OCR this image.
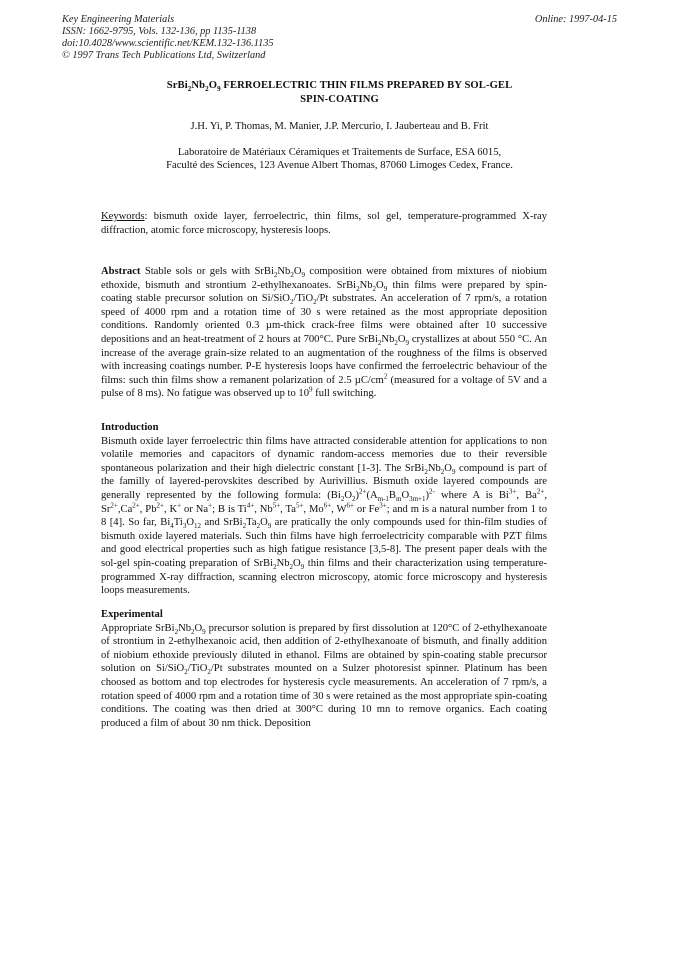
Key Engineering Materials
ISSN: 1662-9795, Vols. 132-136, pp 1135-1138
doi:10.4028/www.scientific.net/KEM.132-136.1135
© 1997 Trans Tech Publications Ltd, Switzerland
Online: 1997-04-15
$SrBi_2Nb_2O_9$ FERROELECTRIC THIN FILMS PREPARED BY SOL-GEL
SPIN-COATING
J.H. Yi, P. Thomas, M. Manier, J.P. Mercurio, I. Jauberteau and B. Frit
Laboratoire de Matériaux Céramiques et Traitements de Surface, ESA 6015,
Faculté des Sciences, 123 Avenue Albert Thomas, 87060 Limoges Cedex, France.
Keywords: bismuth oxide layer, ferroelectric, thin films, sol gel, temperature-programmed X-ray diffraction, atomic force microscopy, hysteresis loops.
Abstract Stable sols or gels with $SrBi_2Nb_2O_9$ composition were obtained from mixtures of niobium ethoxide, bismuth and strontium 2-ethylhexanoates. $SrBi_2Nb_2O_9$ thin films were prepared by spin-coating stable precursor solution on Si/SiO$_2$/TiO$_2$/Pt substrates. An acceleration of 7 rpm/s, a rotation speed of 4000 rpm and a rotation time of 30 s were retained as the most appropriate deposition conditions. Randomly oriented 0.3 µm-thick crack-free films were obtained after 10 successive depositions and an heat-treatment of 2 hours at 700°C. Pure $SrBi_2Nb_2O_9$ crystallizes at about 550 °C. An increase of the average grain-size related to an augmentation of the roughness of the films is observed with increasing coatings number. P-E hysteresis loops have confirmed the ferroelectric behaviour of the films: such thin films show a remanent polarization of 2.5 $\mu C/cm^2$ (measured for a voltage of 5V and a pulse of 8 ms). No fatigue was observed up to $10^9$ full switching.
Introduction
Bismuth oxide layer ferroelectric thin films have attracted considerable attention for applications to non volatile memories and capacitors of dynamic random-access memories due to their reversible spontaneous polarization and their high dielectric constant [1-3]. The $SrBi_2Nb_2O_9$ compound is part of the familly of layered-perovskites described by Aurivillius. Bismuth oxide layered compounds are generally represented by the following formula: $(Bi_2O_2)^{2+}(A_{m-1}B_mO_{3m+1})^{2-}$ where A is $Bi^{3+}$, $Ba^{2+}$, $Sr^{2+},Ca^{2+}$, $Pb^{2+}$, K+ or Na+; B is $Ti^{4+}$, $Nb^{5+}$, $Ta^{5+}$, $Mo^{6+}$, $W^{6+}$ or $Fe^{3+}$; and m is a natural number from 1 to 8 [4]. So far, $Bi_4Ti_3O_{12}$ and $SrBi_2Ta_2O_9$ are pratically the only compounds used for thin-film studies of bismuth oxide layered materials. Such thin films have high ferroelectricity comparable with PZT films and good electrical properties such as high fatigue resistance [3,5-8]. The present paper deals with the sol-gel spin-coating preparation of $SrBi_2Nb_2O_9$ thin films and their characterization using temperature-programmed X-ray diffraction, scanning electron microscopy, atomic force microscopy and hysteresis loops measurements.
Experimental
Appropriate $SrBi_2Nb_2O_9$ precursor solution is prepared by first dissolution at 120°C of 2-ethylhexanoate of strontium in 2-ethylhexanoic acid, then addition of 2-ethylhexanoate of bismuth, and finally addition of niobium ethoxide previously diluted in ethanol. Films are obtained by spin-coating stable precursor solution on Si/SiO$_2$/TiO$_2$/Pt substrates mounted on a Sulzer photoresist spinner. Platinum has been choosed as bottom and top electrodes for hysteresis cycle measurements. An acceleration of 7 rpm/s, a rotation speed of 4000 rpm and a rotation time of 30 s were retained as the most appropriate spin-coating conditions. The coating was then dried at 300°C during 10 mn to remove organics. Each coating produced a film of about 30 nm thick. Deposition
